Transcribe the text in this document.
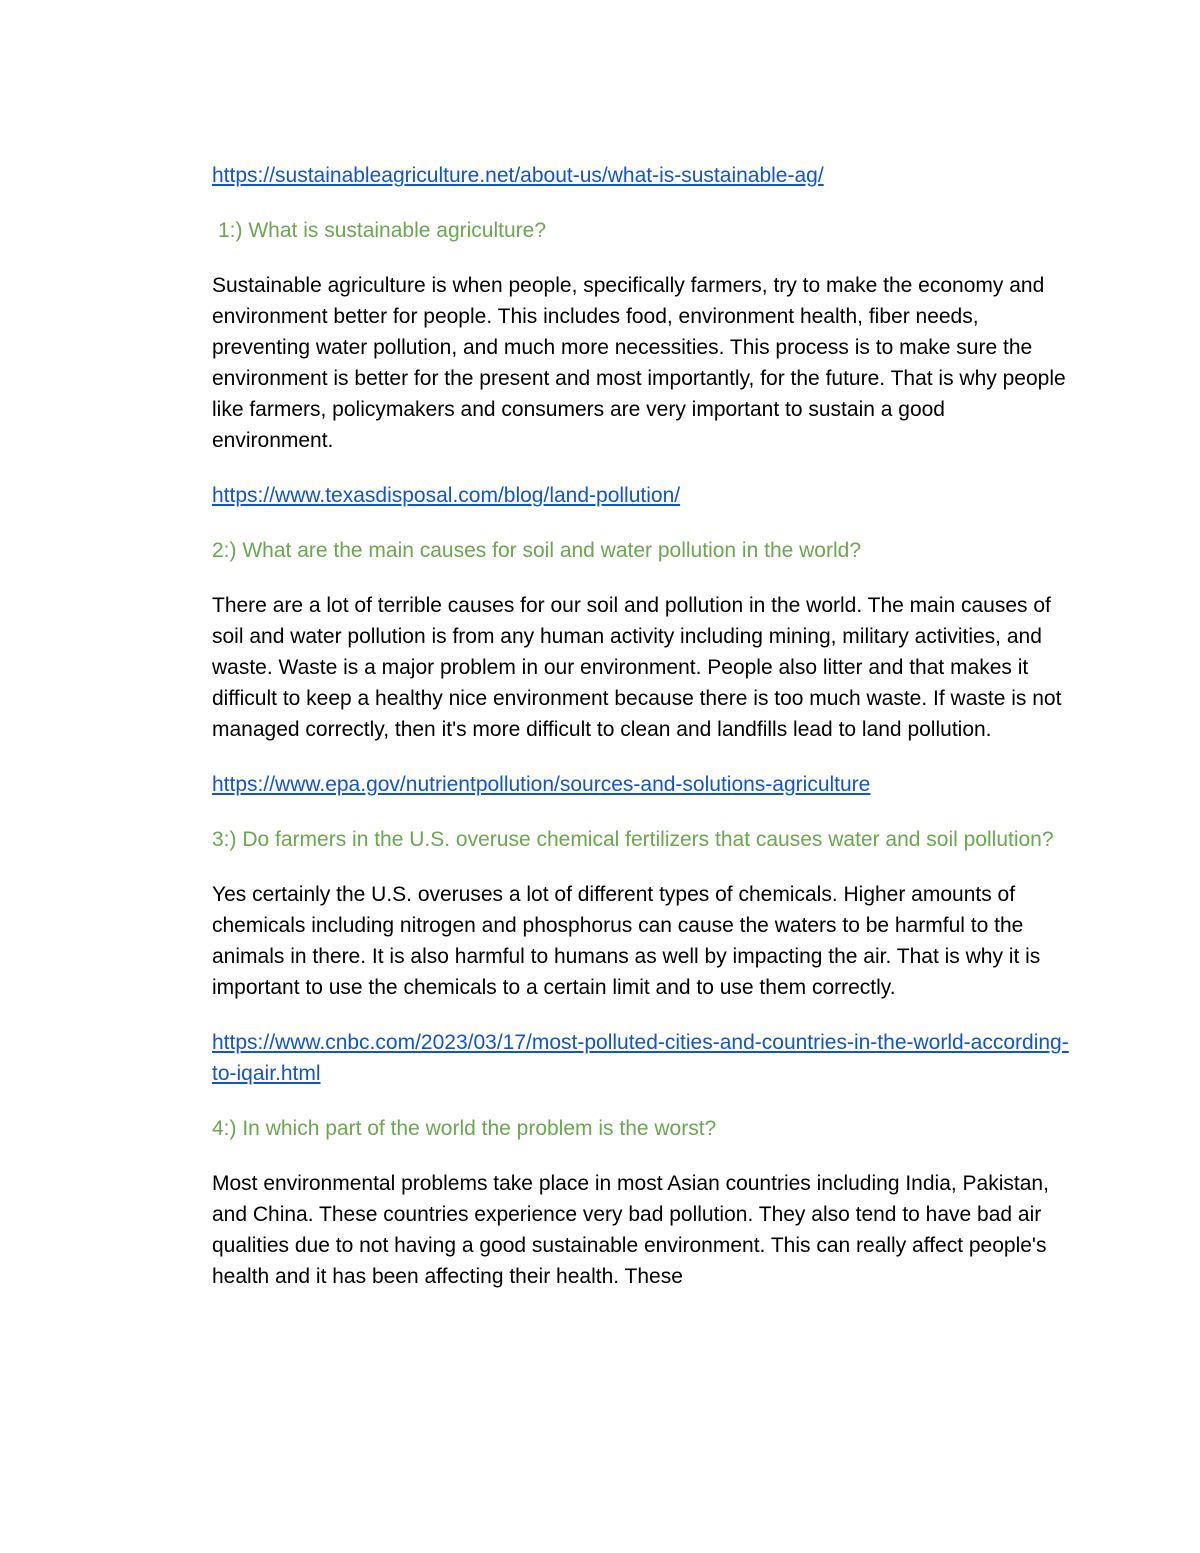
https://sustainableagriculture.net/about-us/what-is-sustainable-ag/

1:) What is sustainable agriculture?

Sustainable agriculture is when people, specifically farmers, try to make the economy and environment better for people. This includes food, environment health, fiber needs, preventing water pollution, and much more necessities. This process is to make sure the environment is better for the present and most importantly, for the future. That is why people like farmers, policymakers and consumers are very important to sustain a good environment.

https://www.texasdisposal.com/blog/land-pollution/

2:) What are the main causes for soil and water pollution in the world?

There are a lot of terrible causes for our soil and pollution in the world. The main causes of soil and water pollution is from any human activity including mining, military activities, and waste. Waste is a major problem in our environment. People also litter and that makes it difficult to keep a healthy nice environment because there is too much waste. If waste is not managed correctly, then it's more difficult to clean and landfills lead to land pollution.

https://www.epa.gov/nutrientpollution/sources-and-solutions-agriculture

3:) Do farmers in the U.S. overuse chemical fertilizers that causes water and soil pollution?

Yes certainly the U.S. overuses a lot of different types of chemicals. Higher amounts of chemicals including nitrogen and phosphorus can cause the waters to be harmful to the animals in there. It is also harmful to humans as well by impacting the air. That is why it is important to use the chemicals to a certain limit and to use them correctly.

https://www.cnbc.com/2023/03/17/most-polluted-cities-and-countries-in-the-world-according-to-iqair.html

4:) In which part of the world the problem is the worst?

Most environmental problems take place in most Asian countries including India, Pakistan, and China. These countries experience very bad pollution. They also tend to have bad air qualities due to not having a good sustainable environment. This can really affect people's health and it has been affecting their health. These
